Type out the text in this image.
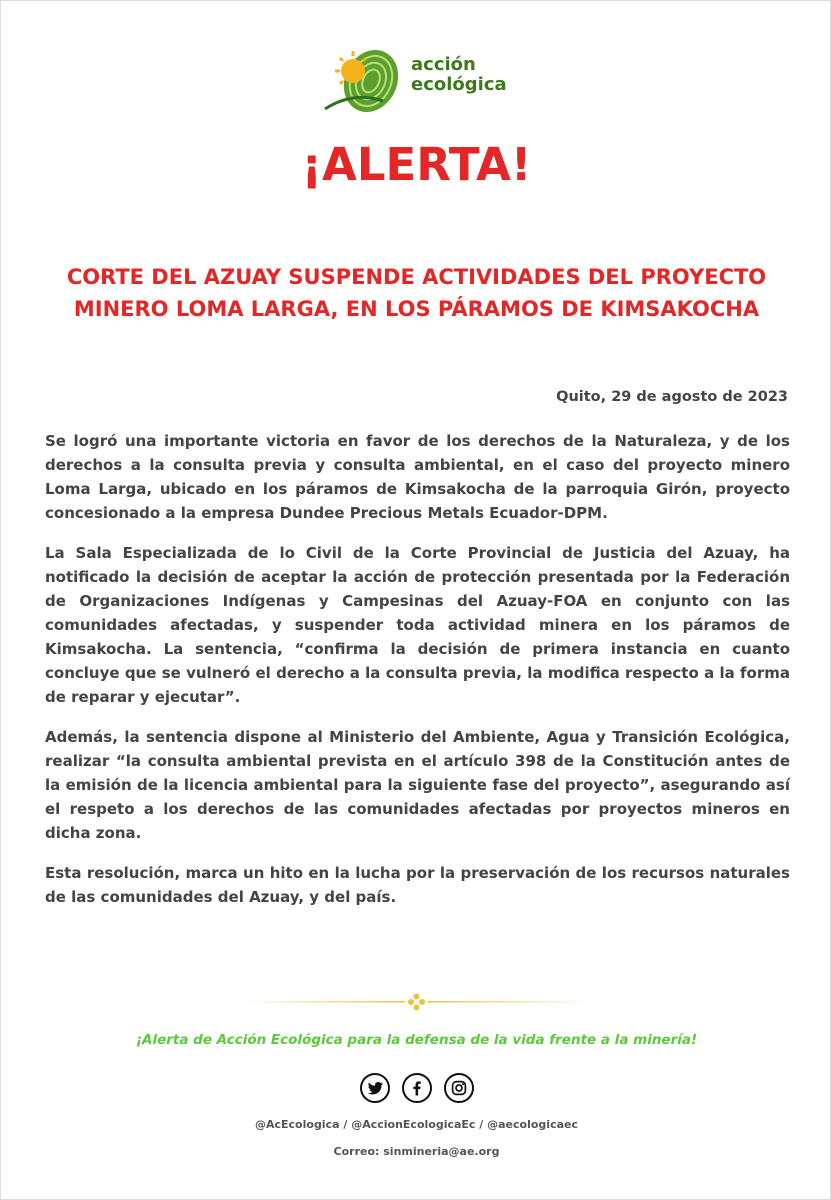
acción
ecológica
¡ALERTA!
CORTE DEL AZUAY SUSPENDE ACTIVIDADES DEL PROYECTO MINERO LOMA LARGA, EN LOS PÁRAMOS DE KIMSAKOCHA
Quito, 29 de agosto de 2023

Se logró una importante victoria en favor de los derechos de la Naturaleza, y de los derechos a la consulta previa y consulta ambiental, en el caso del proyecto minero Loma Larga, ubicado en los páramos de Kimsakocha de la parroquia Girón, proyecto concesionado a la empresa Dundee Precious Metals Ecuador-DPM.

La Sala Especializada de lo Civil de la Corte Provincial de Justicia del Azuay, ha notificado la decisión de aceptar la acción de protección presentada por la Federación de Organizaciones Indígenas y Campesinas del Azuay-FOA en conjunto con las comunidades afectadas, y suspender toda actividad minera en los páramos de Kimsakocha. La sentencia, “confirma la decisión de primera instancia en cuanto concluye que se vulneró el derecho a la consulta previa, la modifica respecto a la forma de reparar y ejecutar”.

Además, la sentencia dispone al Ministerio del Ambiente, Agua y Transición Ecológica, realizar “la consulta ambiental prevista en el artículo 398 de la Constitución antes de la emisión de la licencia ambiental para la siguiente fase del proyecto”, asegurando así el respeto a los derechos de las comunidades afectadas por proyectos mineros en dicha zona.

Esta resolución, marca un hito en la lucha por la preservación de los recursos naturales de las comunidades del Azuay, y del país.

¡Alerta de Acción Ecológica para la defensa de la vida frente a la minería!
@AcEcologica / @AccionEcologicaEc / @aecologicaec
Correo: sinmineria@ae.org
